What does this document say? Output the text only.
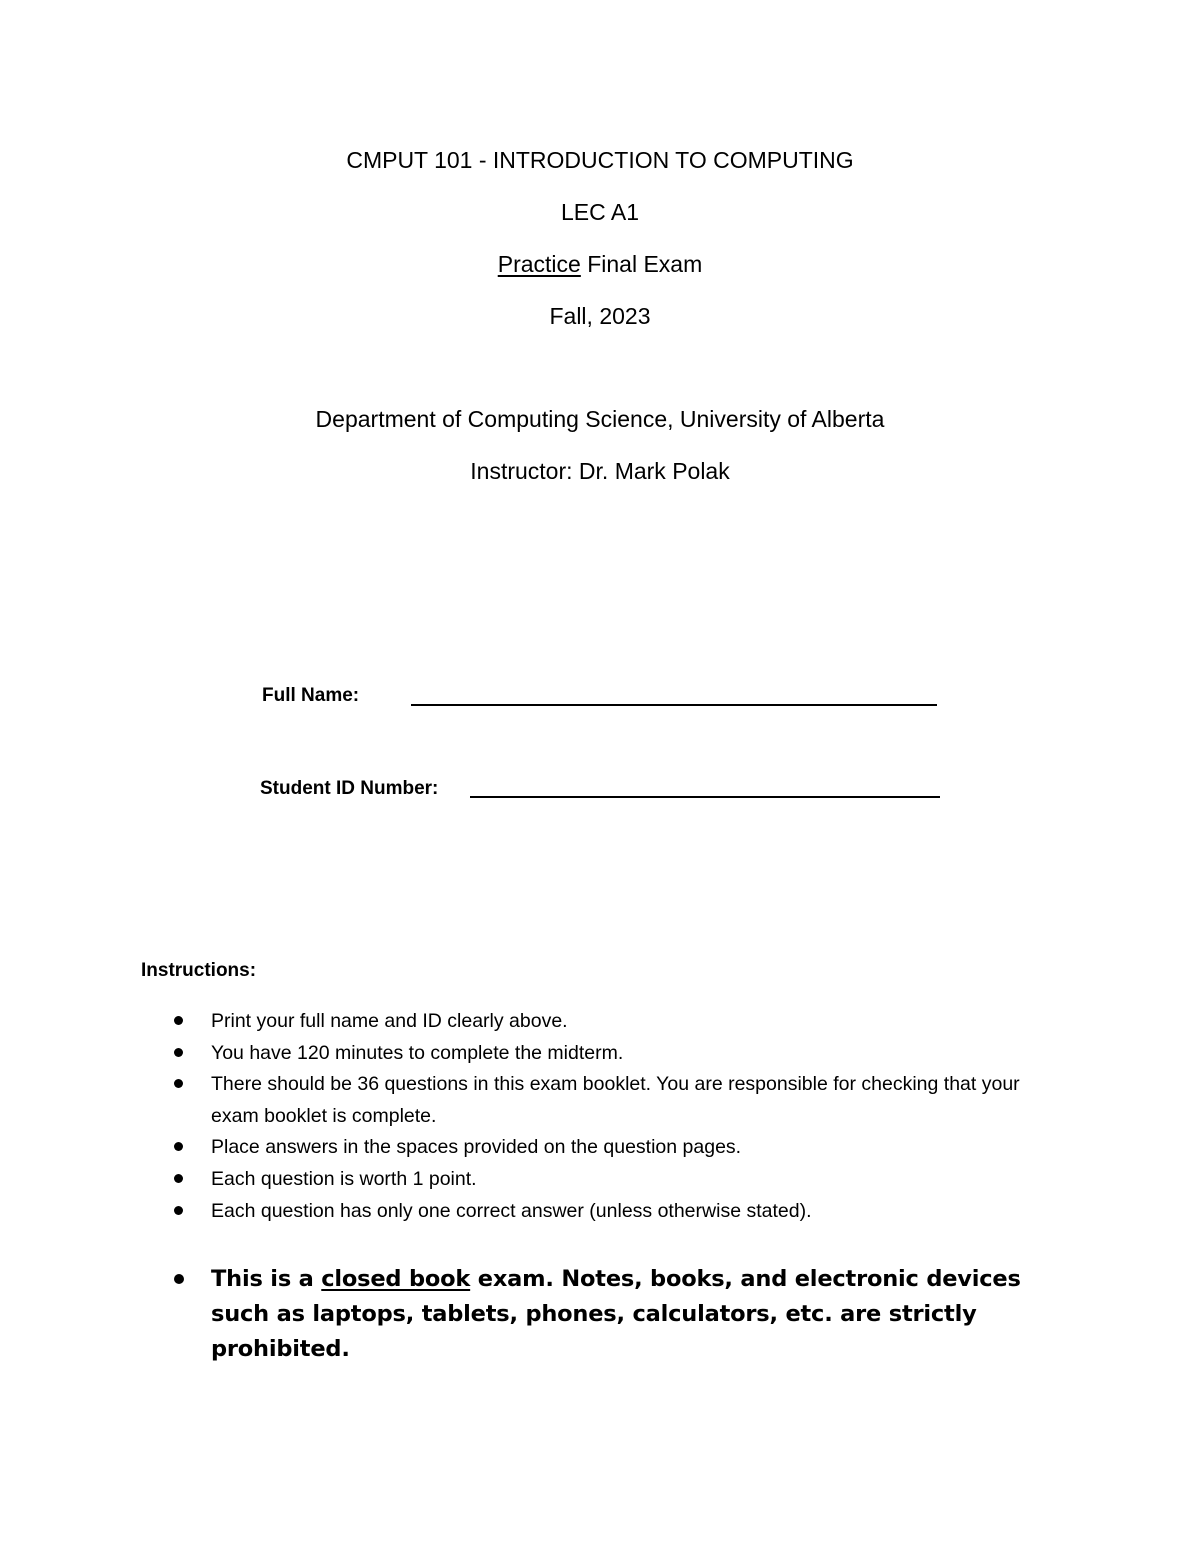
CMPUT 101 - INTRODUCTION TO COMPUTING
LEC A1
Practice Final Exam
Fall, 2023
Department of Computing Science, University of Alberta
Instructor: Dr. Mark Polak
Full Name:
Student ID Number:
Instructions:
Print your full name and ID clearly above.
You have 120 minutes to complete the midterm.
There should be 36 questions in this exam booklet. You are responsible for checking that your exam booklet is complete.
Place answers in the spaces provided on the question pages.
Each question is worth 1 point.
Each question has only one correct answer (unless otherwise stated).
This is a closed book exam. Notes, books, and electronic devices such as laptops, tablets, phones, calculators, etc. are strictly prohibited.
